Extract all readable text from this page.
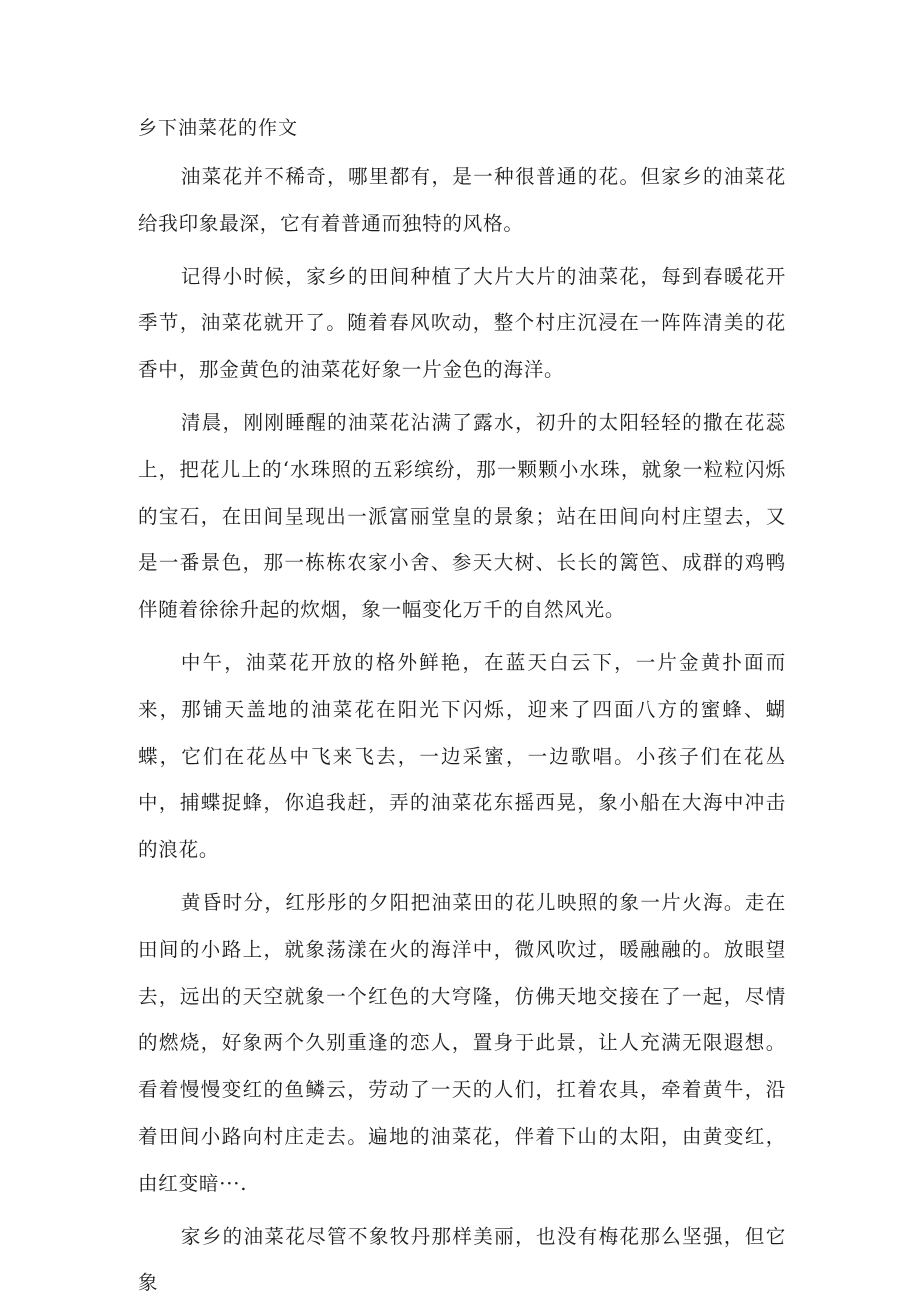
乡下油菜花的作文

油菜花并不稀奇，哪里都有，是一种很普通的花。但家乡的油菜花给我印象最深，它有着普通而独特的风格。

记得小时候，家乡的田间种植了大片大片的油菜花，每到春暖花开季节，油菜花就开了。随着春风吹动，整个村庄沉浸在一阵阵清美的花香中，那金黄色的油菜花好象一片金色的海洋。

清晨，刚刚睡醒的油菜花沾满了露水，初升的太阳轻轻的撒在花蕊上，把花儿上的‘水珠照的五彩缤纷，那一颗颗小水珠，就象一粒粒闪烁的宝石，在田间呈现出一派富丽堂皇的景象；站在田间向村庄望去，又是一番景色，那一栋栋农家小舍、参天大树、长长的篱笆、成群的鸡鸭伴随着徐徐升起的炊烟，象一幅变化万千的自然风光。

中午，油菜花开放的格外鲜艳，在蓝天白云下，一片金黄扑面而来，那铺天盖地的油菜花在阳光下闪烁，迎来了四面八方的蜜蜂、蝴蝶，它们在花丛中飞来飞去，一边采蜜，一边歌唱。小孩子们在花丛中，捕蝶捉蜂，你追我赶，弄的油菜花东摇西晃，象小船在大海中冲击的浪花。

黄昏时分，红彤彤的夕阳把油菜田的花儿映照的象一片火海。走在田间的小路上，就象荡漾在火的海洋中，微风吹过，暖融融的。放眼望去，远出的天空就象一个红色的大穹隆，仿佛天地交接在了一起，尽情的燃烧，好象两个久别重逢的恋人，置身于此景，让人充满无限遐想。看着慢慢变红的鱼鳞云，劳动了一天的人们，扛着农具，牵着黄牛，沿着田间小路向村庄走去。遍地的油菜花，伴着下山的太阳，由黄变红，由红变暗···.

家乡的油菜花尽管不象牧丹那样美丽，也没有梅花那么坚强，但它象
